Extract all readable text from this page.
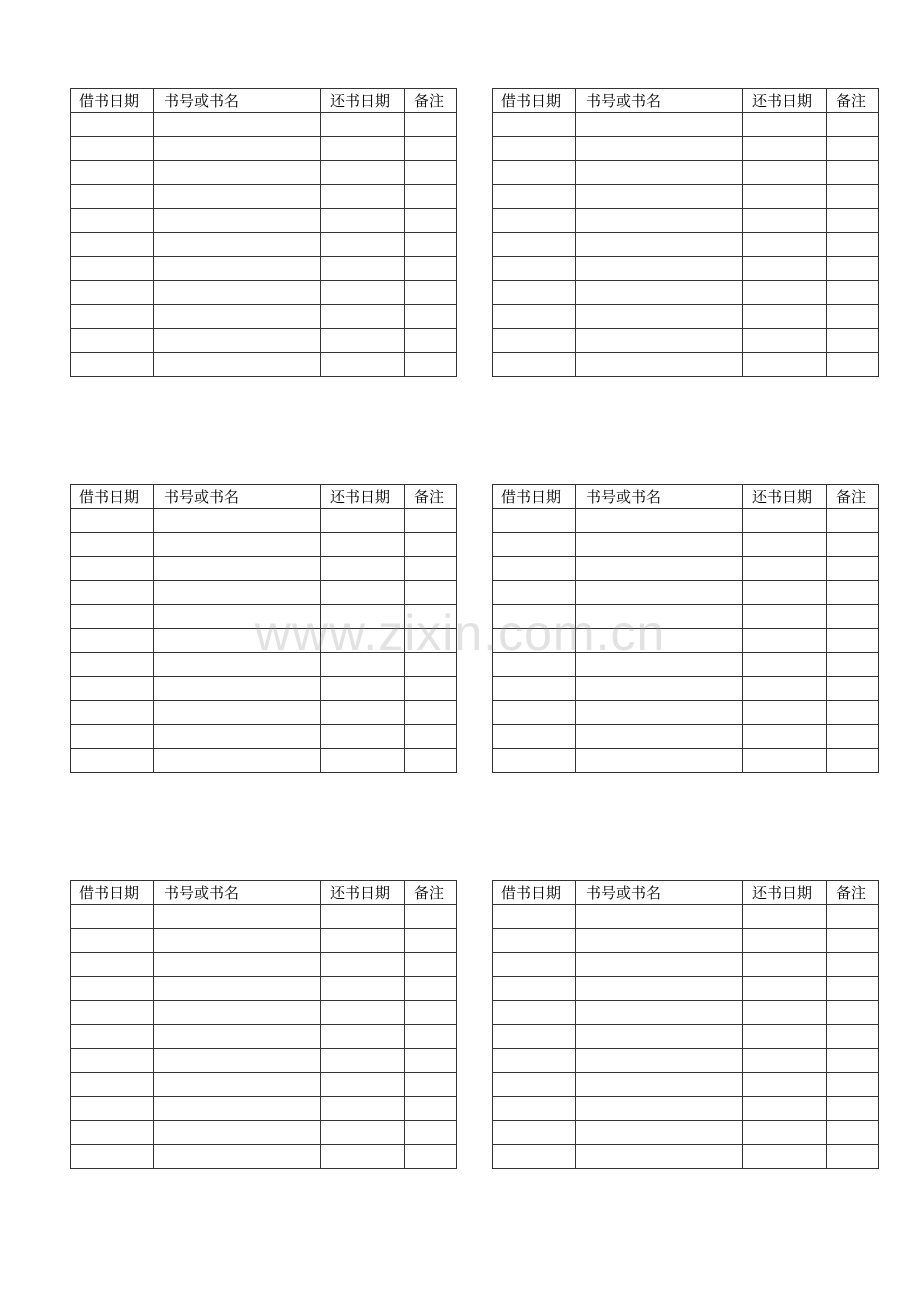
借书日期	书号或书名	还书日期	备注

				借书日期	书号或书名	还书日期	备注

借书日期	书号或书名	还书日期	备注

				借书日期	书号或书名	还书日期	备注

借书日期	书号或书名	还书日期	备注

				借书日期	书号或书名	还书日期	备注

www.zixin.com.cn
